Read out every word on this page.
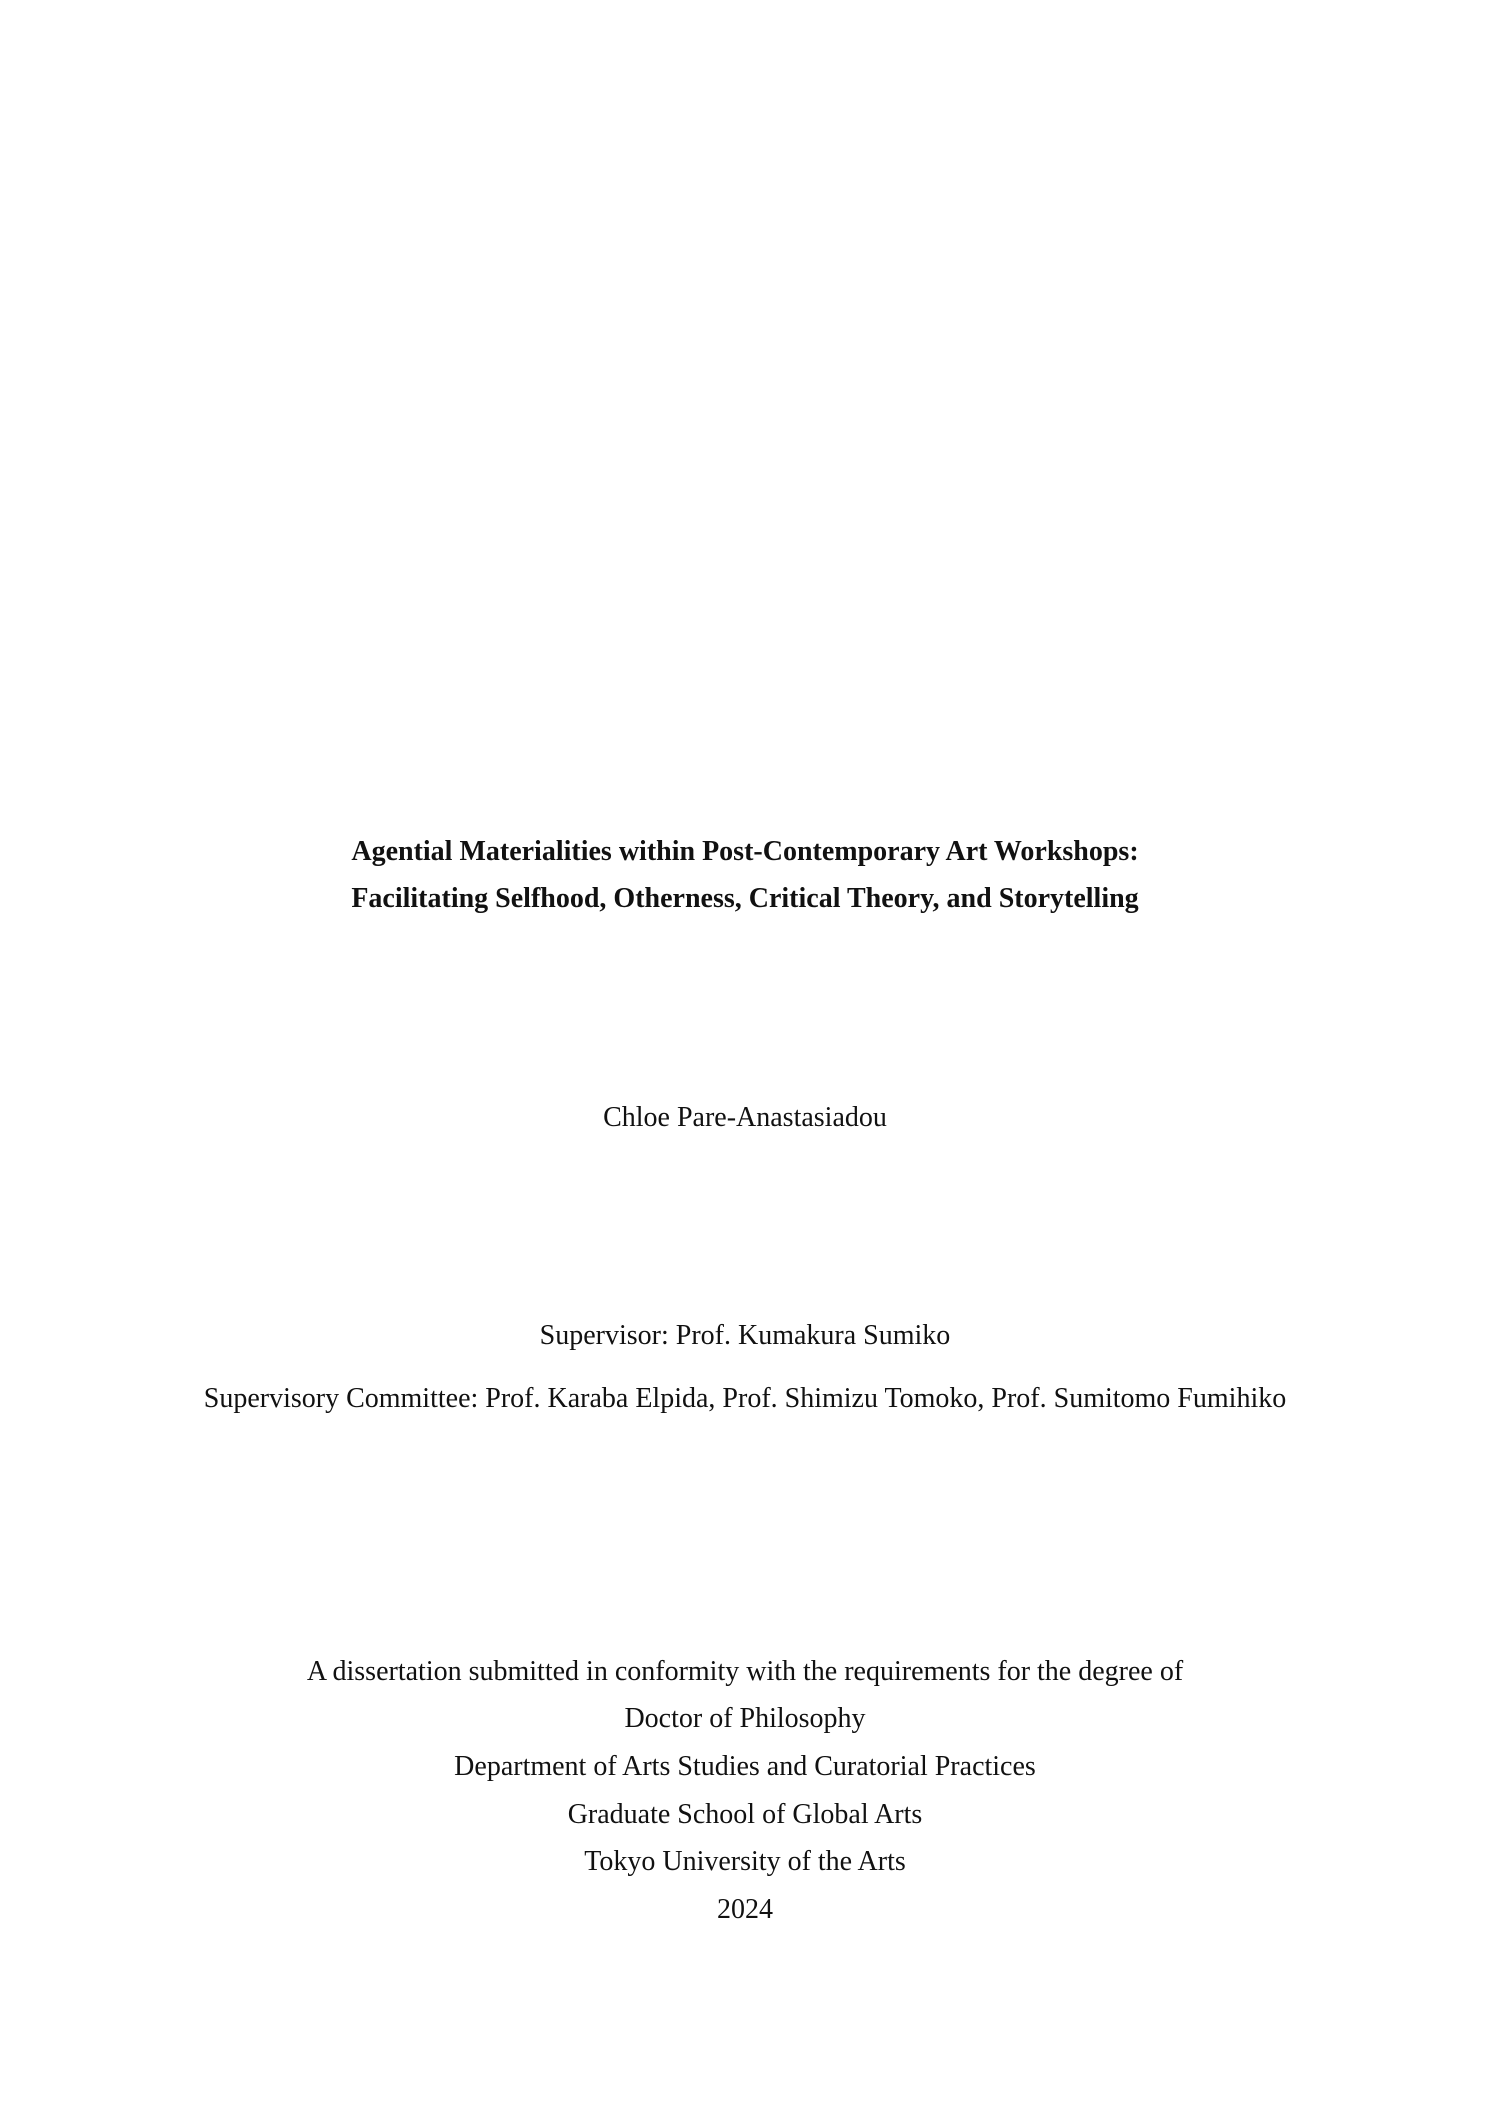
Agential Materialities within Post-Contemporary Art Workshops:
Facilitating Selfhood, Otherness, Critical Theory, and Storytelling
Chloe Pare-Anastasiadou
Supervisor: Prof. Kumakura Sumiko
Supervisory Committee: Prof. Karaba Elpida, Prof. Shimizu Tomoko, Prof. Sumitomo Fumihiko
A dissertation submitted in conformity with the requirements for the degree of
Doctor of Philosophy
Department of Arts Studies and Curatorial Practices
Graduate School of Global Arts
Tokyo University of the Arts
2024
